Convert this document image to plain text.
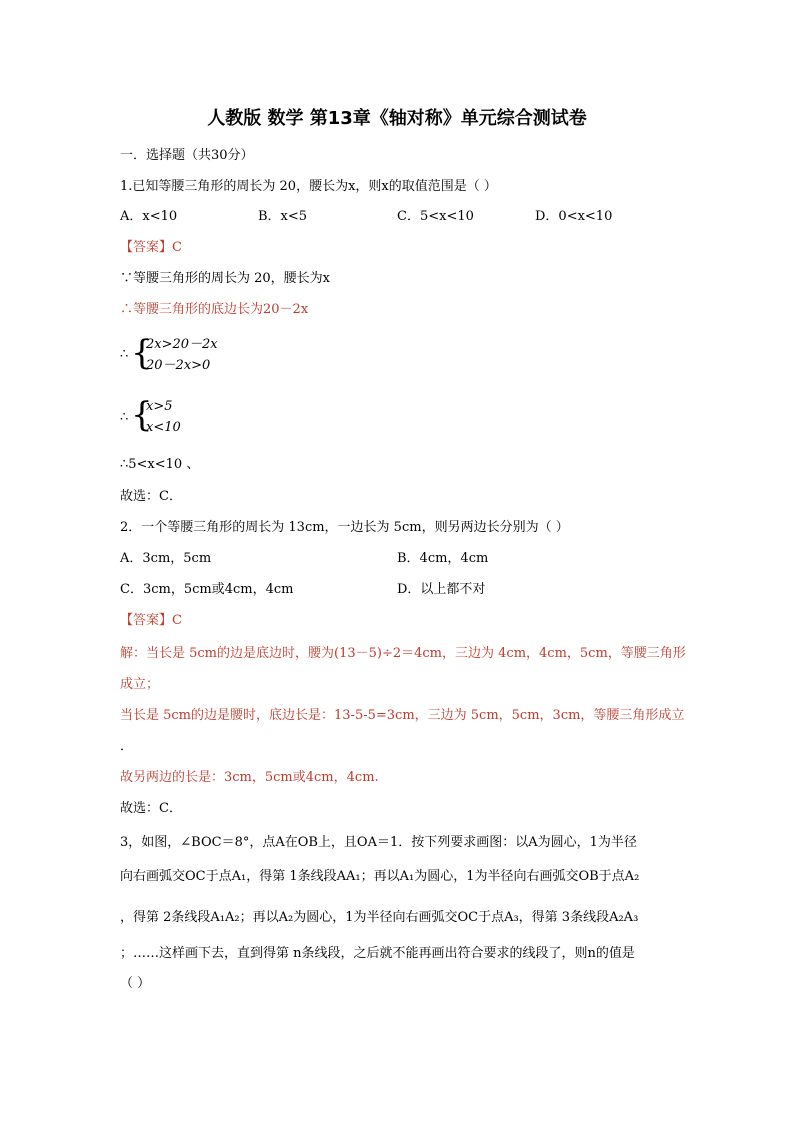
人教版 数学 第13章《轴对称》单元综合测试卷
一．选择题（共30分）
1.已知等腰三角形的周长为 20，腰长为x，则x的取值范围是（ ）
A．x<10	B．x<5	C．5<x<10	D．0<x<10
【答案】C
∵等腰三角形的周长为 20，腰长为x
∴等腰三角形的底边长为20－2x
∴ {
2x>20－2x
20－2x>0
∴ {
x>5
x<10
∴5<x<10 、
故选：C．
2．一个等腰三角形的周长为 13cm，一边长为 5cm，则另两边长分别为（ ）
A．3cm，5cm	B．4cm，4cm
C．3cm，5cm或4cm，4cm	D．以上都不对
【答案】C
解：当长是 5cm的边是底边时，腰为(13－5)÷2＝4cm，三边为 4cm，4cm，5cm，等腰三角形
成立；
当长是 5cm的边是腰时，底边长是：13-5-5=3cm，三边为 5cm，5cm，3cm，等腰三角形成立
．
故另两边的长是：3cm，5cm或4cm，4cm.
故选：C．
3，如图，∠BOC＝8°，点A在OB上，且OA＝1．按下列要求画图：以A为圆心，1为半径
向右画弧交OC于点A₁，得第 1条线段AA₁；再以A₁为圆心，1为半径向右画弧交OB于点A₂
，得第 2条线段A₁A₂；再以A₂为圆心，1为半径向右画弧交OC于点A₃，得第 3条线段A₂A₃
；……这样画下去，直到得第 n条线段，之后就不能再画出符合要求的线段了，则n的值是
（ ）
